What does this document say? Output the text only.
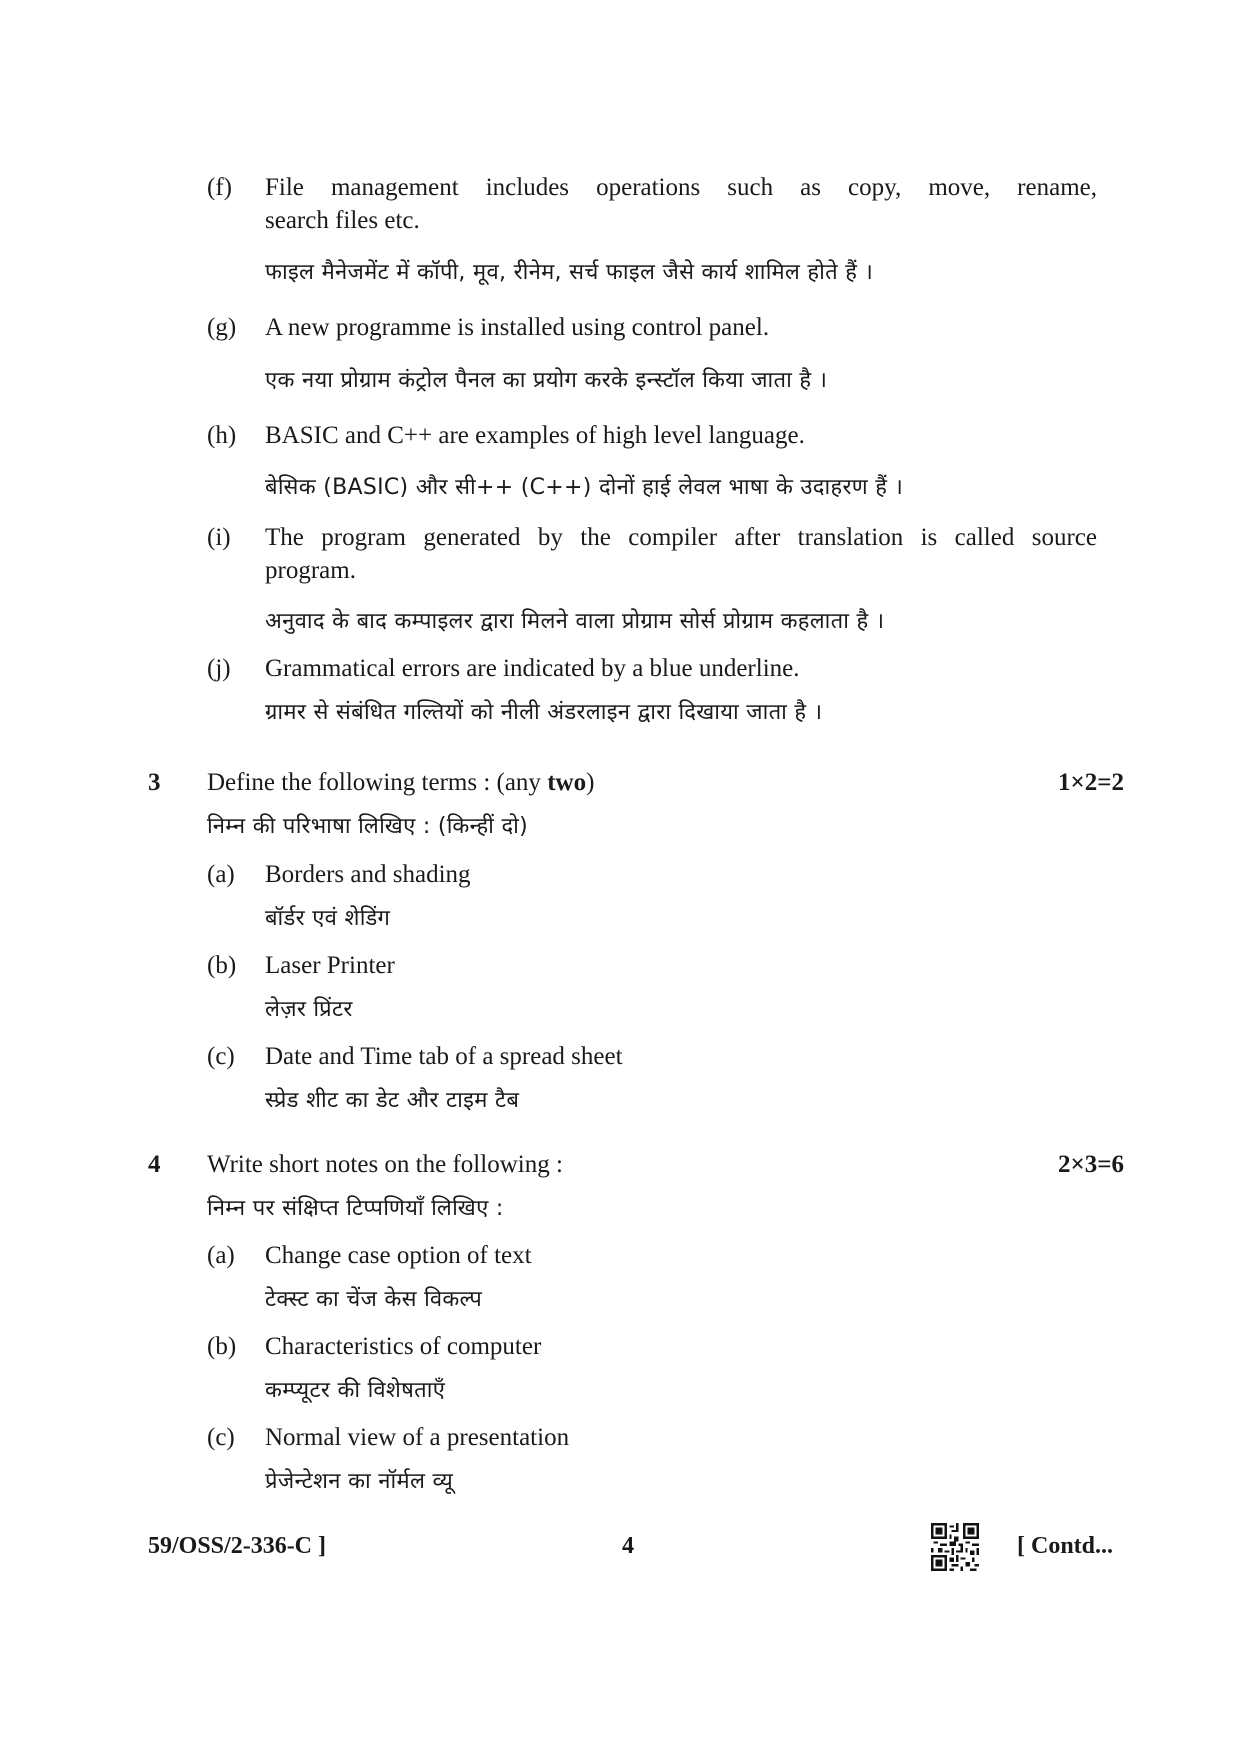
(f) File management includes operations such as copy, move, rename,
search files etc.
फाइल मैनेजमेंट में कॉपी, मूव, रीनेम, सर्च फाइल जैसे कार्य शामिल होते हैं ।
(g) A new programme is installed using control panel.
एक नया प्रोग्राम कंट्रोल पैनल का प्रयोग करके इन्स्टॉल किया जाता है ।
(h) BASIC and C++ are examples of high level language.
बेसिक (BASIC) और सी++ (C++) दोनों हाई लेवल भाषा के उदाहरण हैं ।
(i) The program generated by the compiler after translation is called source
program.
अनुवाद के बाद कम्पाइलर द्वारा मिलने वाला प्रोग्राम सोर्स प्रोग्राम कहलाता है ।
(j) Grammatical errors are indicated by a blue underline.
ग्रामर से संबंधित गल्तियों को नीली अंडरलाइन द्वारा दिखाया जाता है ।
3 Define the following terms : (any two)	1×2=2
निम्न की परिभाषा लिखिए : (किन्हीं दो)
(a) Borders and shading
बॉर्डर एवं शेडिंग
(b) Laser Printer
लेज़र प्रिंटर
(c) Date and Time tab of a spread sheet
स्प्रेड शीट का डेट और टाइम टैब
4 Write short notes on the following :	2×3=6
निम्न पर संक्षिप्त टिप्पणियाँ लिखिए :
(a) Change case option of text
टेक्स्ट का चेंज केस विकल्प
(b) Characteristics of computer
कम्प्यूटर की विशेषताएँ
(c) Normal view of a presentation
प्रेजेन्टेशन का नॉर्मल व्यू
59/OSS/2-336-C ]	4	[ Contd...
